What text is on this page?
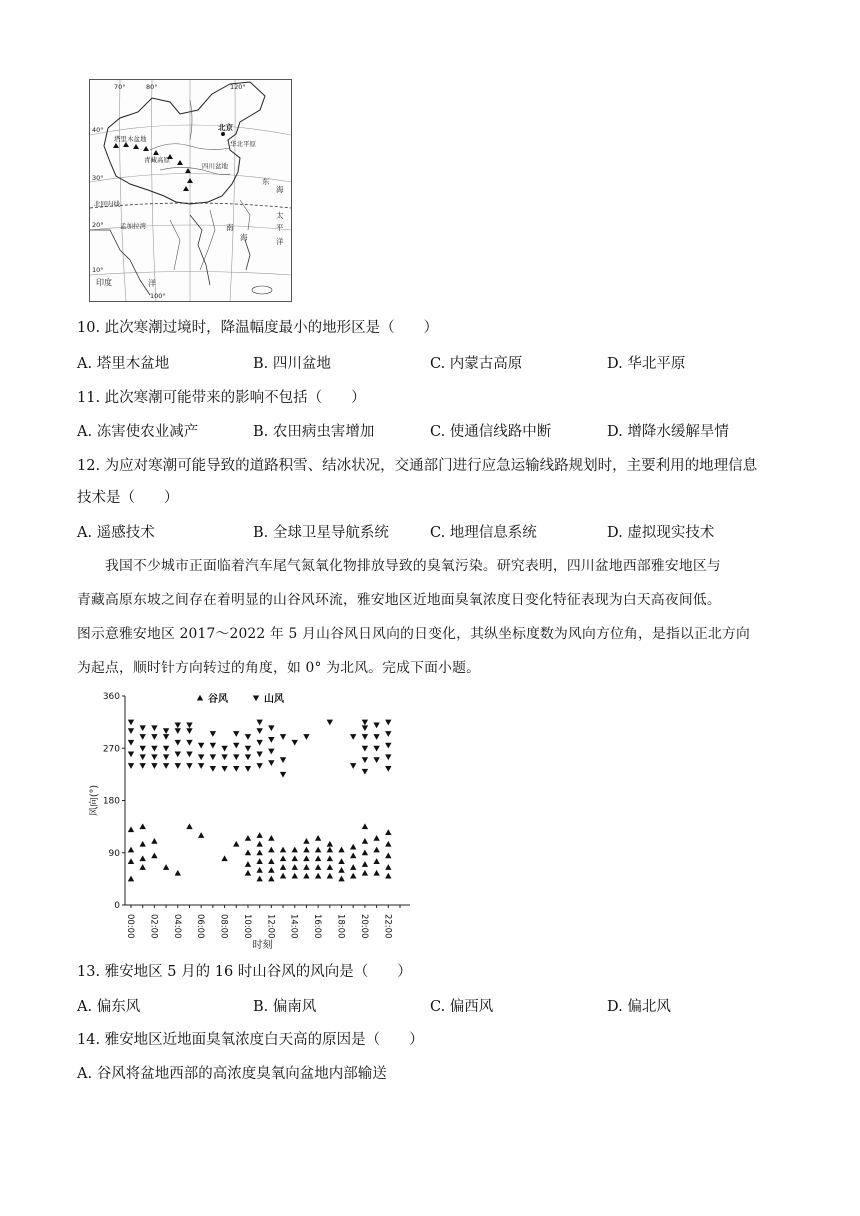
70°	80°	120°
40°
30°
20°
10°
100°
塔里木盆地
青藏高原
四川盆地
北京
华北平原
北回归线
孟加拉湾
印度	洋
东
海
太
平
洋
南
海
10. 此次寒潮过境时，降温幅度最小的地形区是（　　）
A. 塔里木盆地	B. 四川盆地	C. 内蒙古高原	D. 华北平原
11. 此次寒潮可能带来的影响不包括（　　）
A. 冻害使农业减产	B. 农田病虫害增加	C. 使通信线路中断	D. 增降水缓解旱情
12. 为应对寒潮可能导致的道路积雪、结冰状况，交通部门进行应急运输线路规划时，主要利用的地理信息
技术是（　　）
A. 遥感技术	B. 全球卫星导航系统	C. 地理信息系统	D. 虚拟现实技术
我国不少城市正面临着汽车尾气氮氧化物排放导致的臭氧污染。研究表明，四川盆地西部雅安地区与
青藏高原东坡之间存在着明显的山谷风环流，雅安地区近地面臭氧浓度日变化特征表现为白天高夜间低。
图示意雅安地区 2017～2022 年 5 月山谷风日风向的日变化，其纵坐标度数为风向方位角，是指以正北方向
为起点，顺时针方向转过的角度，如 0° 为北风。完成下面小题。
0
90
180
270
360
00:00 02:00 04:00 06:00 08:00 10:00 12:00 14:00 16:00 18:00 20:00 22:00
风向(°)
时刻
谷风	山风
13. 雅安地区 5 月的 16 时山谷风的风向是（　　）
A. 偏东风	B. 偏南风	C. 偏西风	D. 偏北风
14. 雅安地区近地面臭氧浓度白天高的原因是（　　）
A. 谷风将盆地西部的高浓度臭氧向盆地内部输送
